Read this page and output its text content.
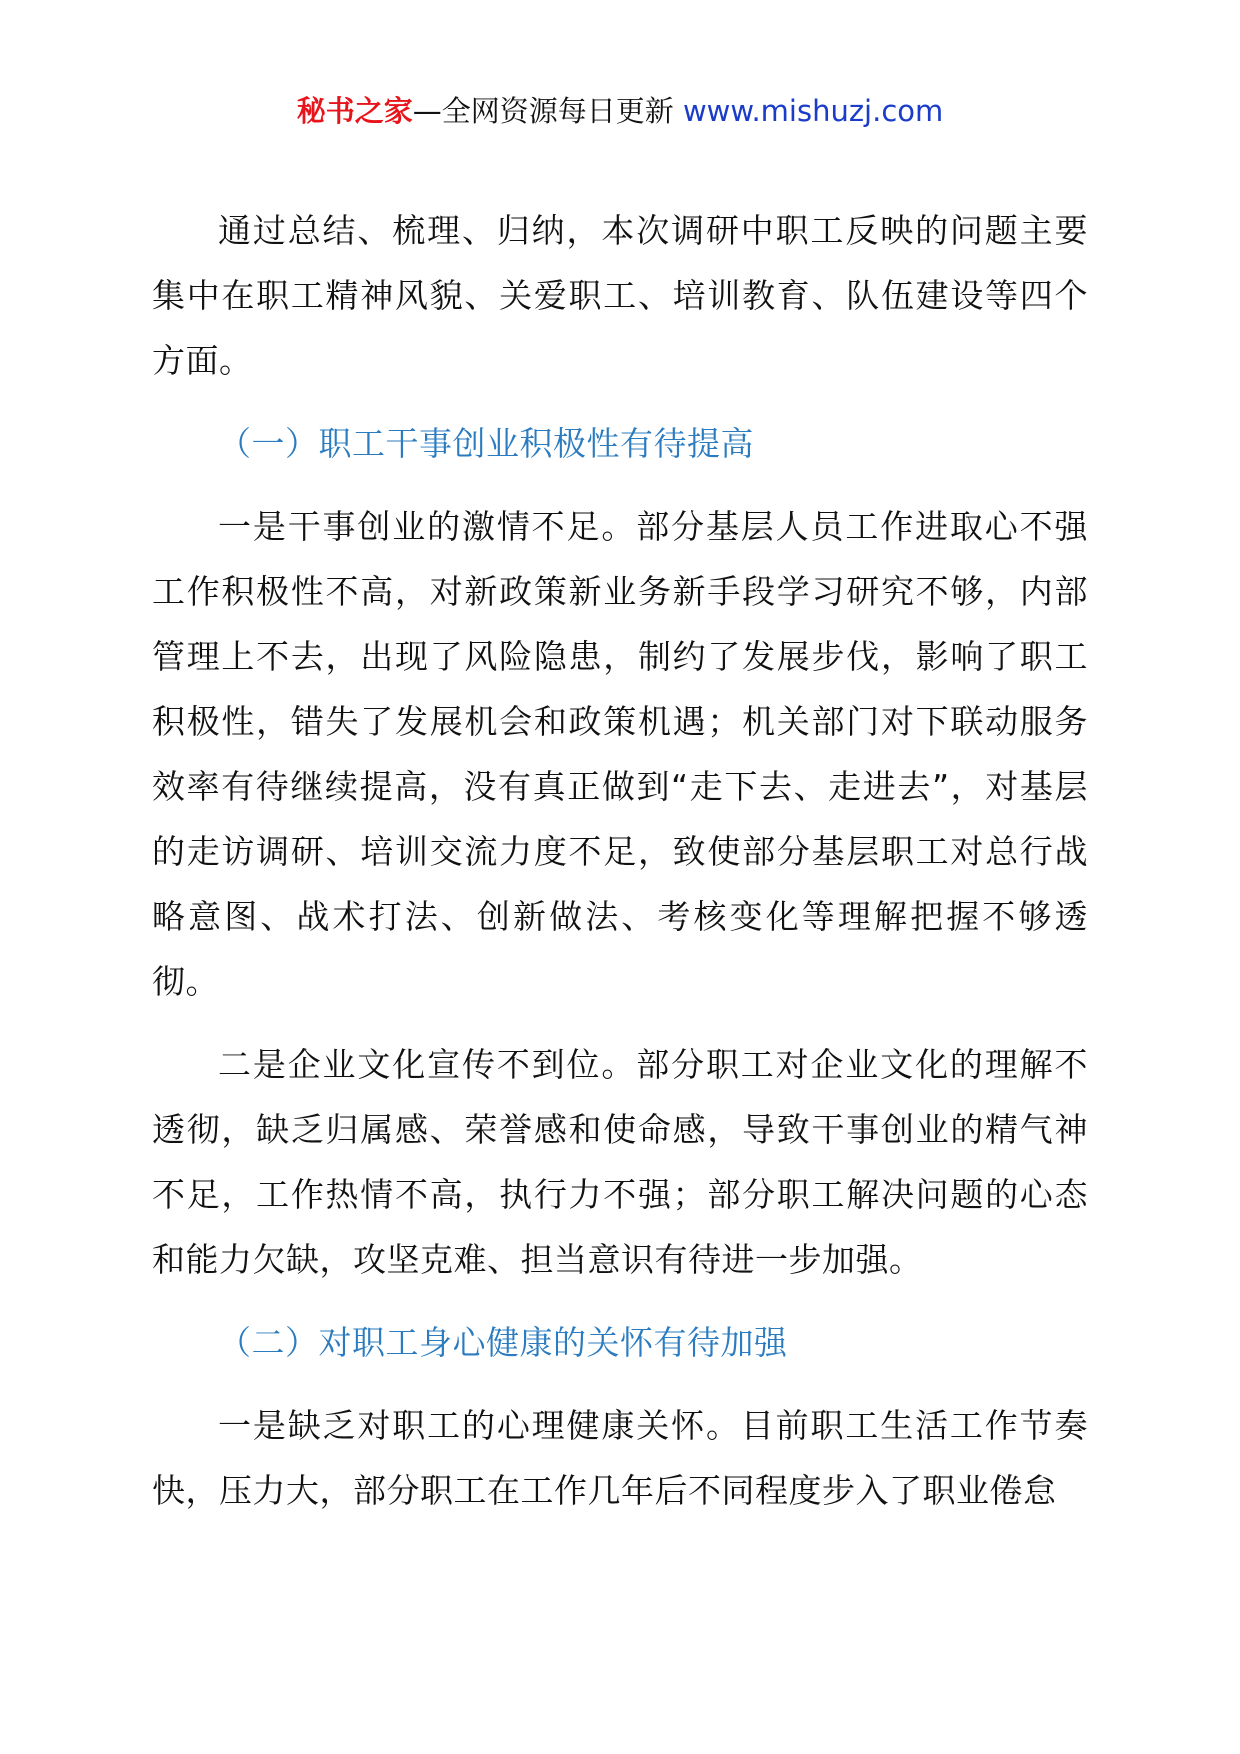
秘书之家—全网资源每日更新 www.mishuzj.com

通过总结、梳理、归纳，本次调研中职工反映的问题主要集中在职工精神风貌、关爱职工、培训教育、队伍建设等四个方面。

（一）职工干事创业积极性有待提高

一是干事创业的激情不足。部分基层人员工作进取心不强工作积极性不高，对新政策新业务新手段学习研究不够，内部管理上不去，出现了风险隐患，制约了发展步伐，影响了职工积极性，错失了发展机会和政策机遇；机关部门对下联动服务效率有待继续提高，没有真正做到“走下去、走进去”，对基层的走访调研、培训交流力度不足，致使部分基层职工对总行战略意图、战术打法、创新做法、考核变化等理解把握不够透彻。

二是企业文化宣传不到位。部分职工对企业文化的理解不透彻，缺乏归属感、荣誉感和使命感，导致干事创业的精气神不足，工作热情不高，执行力不强；部分职工解决问题的心态和能力欠缺，攻坚克难、担当意识有待进一步加强。

（二）对职工身心健康的关怀有待加强

一是缺乏对职工的心理健康关怀。目前职工生活工作节奏快，压力大，部分职工在工作几年后不同程度步入了职业倦怠
